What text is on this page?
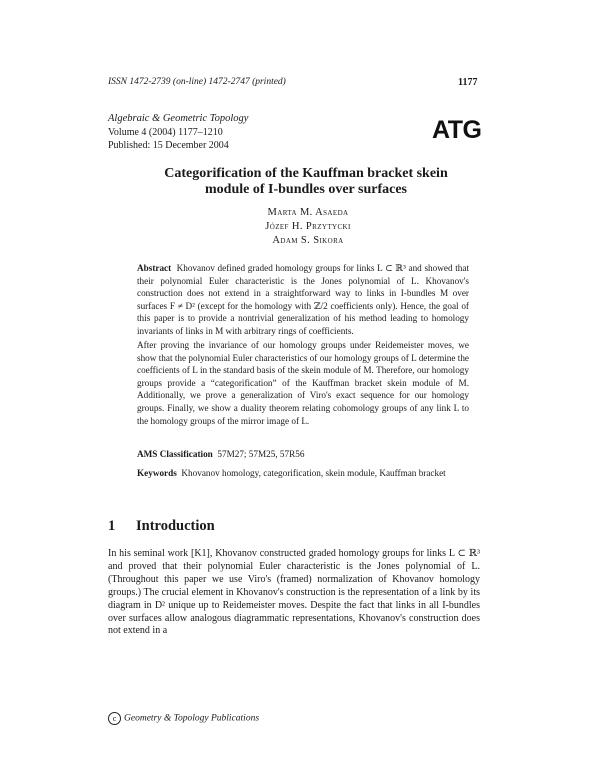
ISSN 1472-2739 (on-line) 1472-2747 (printed)	1177
Algebraic & Geometric Topology
Volume 4 (2004) 1177–1210
Published: 15 December 2004
ATG
Categorification of the Kauffman bracket skein
module of I-bundles over surfaces
Marta M. Asaeda
Józef H. Przytycki
Adam S. Sikora
Abstract Khovanov defined graded homology groups for links L ⊂ ℝ³ and showed that their polynomial Euler characteristic is the Jones polynomial of L. Khovanov's construction does not extend in a straightforward way to links in I-bundles M over surfaces F ≠ D² (except for the homology with ℤ/2 coefficients only). Hence, the goal of this paper is to provide a nontrivial generalization of his method leading to homology invariants of links in M with arbitrary rings of coefficients.
After proving the invariance of our homology groups under Reidemeister moves, we show that the polynomial Euler characteristics of our homology groups of L determine the coefficients of L in the standard basis of the skein module of M. Therefore, our homology groups provide a “categorification” of the Kauffman bracket skein module of M. Additionally, we prove a generalization of Viro's exact sequence for our homology groups. Finally, we show a duality theorem relating cohomology groups of any link L to the homology groups of the mirror image of L.
AMS Classification 57M27; 57M25, 57R56
Keywords Khovanov homology, categorification, skein module, Kauffman bracket
1 Introduction
In his seminal work [K1], Khovanov constructed graded homology groups for links L ⊂ ℝ³ and proved that their polynomial Euler characteristic is the Jones polynomial of L. (Throughout this paper we use Viro's (framed) normalization of Khovanov homology groups.) The crucial element in Khovanov's construction is the representation of a link by its diagram in D² unique up to Reidemeister moves. Despite the fact that links in all I-bundles over surfaces allow analogous diagrammatic representations, Khovanov's construction does not extend in a
c Geometry & Topology Publications
